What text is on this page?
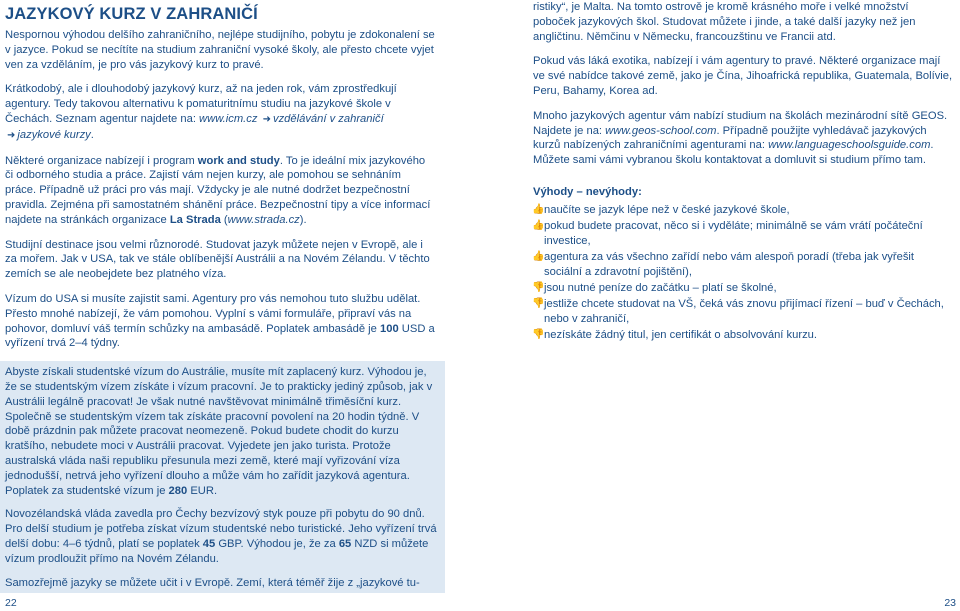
JAZYKOVÝ KURZ V ZAHRANIČÍ

Nespornou výhodou delšího zahraničního, nejlépe studijního, pobytu je zdokonalení se v jazyce. Pokud se necítíte na studium zahraniční vysoké školy, ale přesto chcete vyjet ven za vzděláním, je pro vás jazykový kurz to pravé.

Krátkodobý, ale i dlouhodobý jazykový kurz, až na jeden rok, vám zprostředkují agentury. Tedy takovou alternativu k pomaturitnímu studiu na jazykové škole v Čechách. Seznam agentur najdete na: www.icm.cz ➜ vzdělávání v zahraničí ➜ jazykové kurzy.

Některé organizace nabízejí i program work and study. To je ideální mix jazykového či odborného studia a práce. Zajistí vám nejen kurzy, ale pomohou se sehnáním práce. Případně už práci pro vás mají. Vždycky je ale nutné dodržet bezpečnostní pravidla. Zejména při samostatném shánění práce. Bezpečnostní tipy a více informací najdete na stránkách organizace La Strada (www.strada.cz).

Studijní destinace jsou velmi různorodé. Studovat jazyk můžete nejen v Evropě, ale i za mořem. Jak v USA, tak ve stále oblíbenější Austrálii a na Novém Zélandu. V těchto zemích se ale neobejdete bez platného víza.

Vízum do USA si musíte zajistit sami. Agentury pro vás nemohou tuto službu udělat. Přesto mnohé nabízejí, že vám pomohou. Vyplní s vámi formuláře, připraví vás na pohovor, domluví váš termín schůzky na ambasádě. Poplatek ambasádě je 100 USD a vyřízení trvá 2–4 týdny.

Abyste získali studentské vízum do Austrálie, musíte mít zaplacený kurz. Výhodou je, že se studentským vízem získáte i vízum pracovní. Je to prakticky jediný způsob, jak v Austrálii legálně pracovat! Je však nutné navštěvovat minimálně třiměsíční kurz. Společně se studentským vízem tak získáte pracovní povolení na 20 hodin týdně. V době prázdnin pak můžete pracovat neomezeně. Pokud budete chodit do kurzu kratšího, nebudete moci v Austrálii pracovat. Vyjedete jen jako turista. Protože australská vláda naši republiku přesunula mezi země, které mají vyřizování víza jednodušší, netrvá jeho vyřízení dlouho a může vám ho zařídit jazyková agentura. Poplatek za studentské vízum je 280 EUR.

Novozélandská vláda zavedla pro Čechy bezvízový styk pouze při pobytu do 90 dnů. Pro delší studium je potřeba získat vízum studentské nebo turistické. Jeho vyřízení trvá delší dobu: 4–6 týdnů, platí se poplatek 45 GBP. Výhodou je, že za 65 NZD si můžete vízum prodloužit přímo na Novém Zélandu.

Samozřejmě jazyky se můžete učit i v Evropě. Zemí, která téměř žije z „jazykové tu-

ristiky“, je Malta. Na tomto ostrově je kromě krásného moře i velké množství poboček jazykových škol. Studovat můžete i jinde, a také další jazyky než jen angličtinu. Němčinu v Německu, francouzštinu ve Francii atd.

Pokud vás láká exotika, nabízejí i vám agentury to pravé. Některé organizace mají ve své nabídce takové země, jako je Čína, Jihoafrická republika, Guatemala, Bolívie, Peru, Bahamy, Korea ad.

Mnoho jazykových agentur vám nabízí studium na školách mezinárodní sítě GEOS. Najdete je na: www.geos-school.com. Případně použijte vyhledávač jazykových kurzů nabízených zahraničními agenturami na: www.languageschoolsguide.com. Můžete sami vámi vybranou školu kontaktovat a domluvit si studium přímo tam.

Výhody – nevýhody:
👍 naučíte se jazyk lépe než v české jazykové škole,
👍 pokud budete pracovat, něco si i vyděláte; minimálně se vám vrátí počáteční investice,
👍 agentura za vás všechno zařídí nebo vám alespoň poradí (třeba jak vyřešit sociální a zdravotní pojištění),
👎 jsou nutné peníze do začátku – platí se školné,
👎 jestliže chcete studovat na VŠ, čeká vás znovu přijímací řízení – buď v Čechách, nebo v zahraničí,
👎 nezískáte žádný titul, jen certifikát o absolvování kurzu.
22	23
